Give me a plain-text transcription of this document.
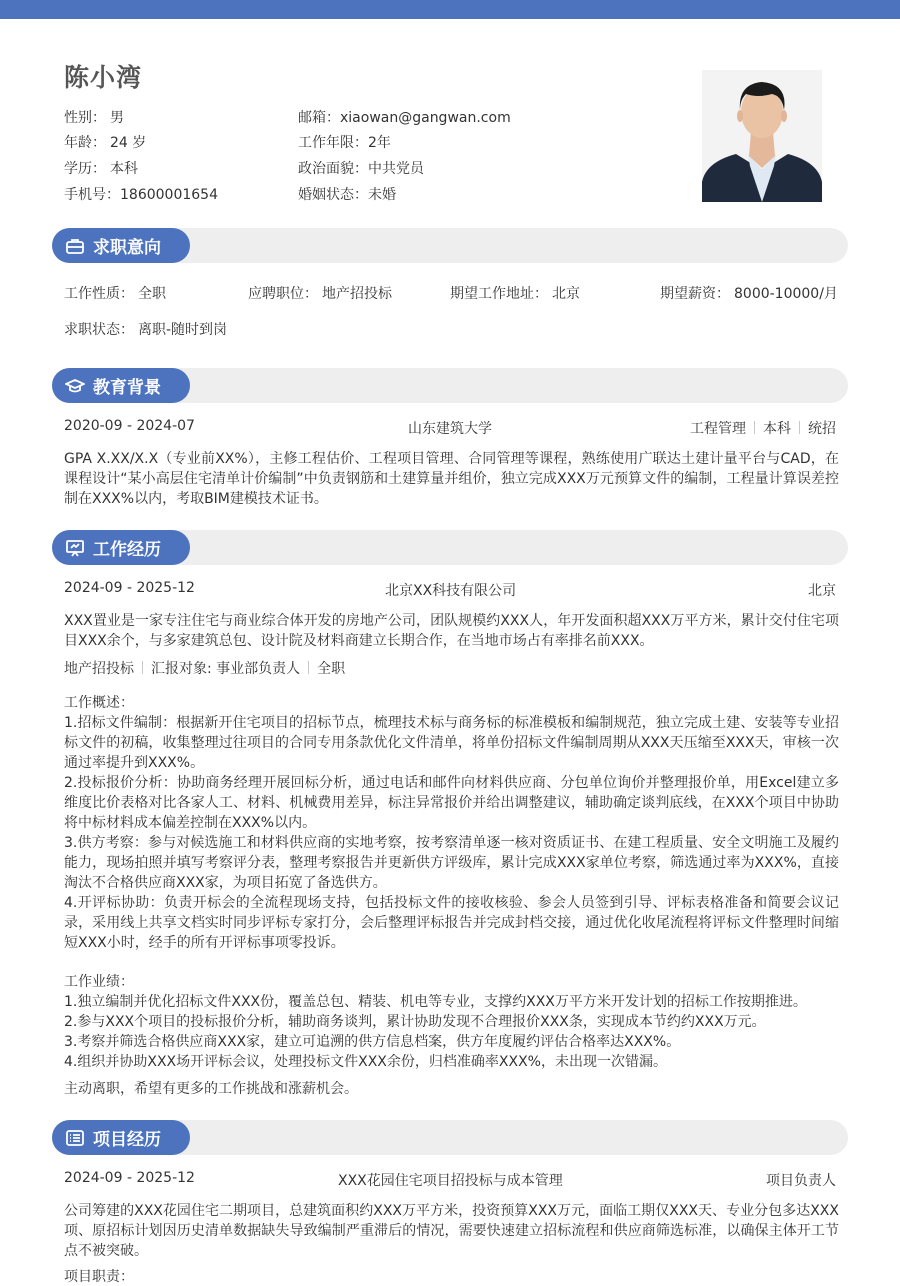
陈小湾
性别： 男	邮箱：xiaowan@gangwan.com
年龄： 24 岁	工作年限：2年
学历： 本科	政治面貌：中共党员
手机号：18600001654	婚姻状态：未婚
求职意向
工作性质： 全职	应聘职位： 地产招投标	期望工作地址： 北京	期望薪资： 8000-10000/月
求职状态： 离职-随时到岗
教育背景
2020-09 - 2024-07	山东建筑大学	工程管理 本科 统招
GPA X.XX/X.X（专业前XX%），主修工程估价、工程项目管理、合同管理等课程，熟练使用广联达土建计量平台与CAD，在课程设计“某小高层住宅清单计价编制”中负责钢筋和土建算量并组价，独立完成XXX万元预算文件的编制，工程量计算误差控制在XXX%以内，考取BIM建模技术证书。
工作经历
2024-09 - 2025-12	北京XX科技有限公司	北京
XXX置业是一家专注住宅与商业综合体开发的房地产公司，团队规模约XXX人，年开发面积超XXX万平方米，累计交付住宅项目XXX余个，与多家建筑总包、设计院及材料商建立长期合作，在当地市场占有率排名前XXX。
地产招投标 汇报对象: 事业部负责人 全职
工作概述：
1.招标文件编制：根据新开住宅项目的招标节点，梳理技术标与商务标的标准模板和编制规范，独立完成土建、安装等专业招标文件的初稿，收集整理过往项目的合同专用条款优化文件清单，将单份招标文件编制周期从XXX天压缩至XXX天，审核一次通过率提升到XXX%。
2.投标报价分析：协助商务经理开展回标分析，通过电话和邮件向材料供应商、分包单位询价并整理报价单，用Excel建立多维度比价表格对比各家人工、材料、机械费用差异，标注异常报价并给出调整建议，辅助确定谈判底线，在XXX个项目中协助将中标材料成本偏差控制在XXX%以内。
3.供方考察：参与对候选施工和材料供应商的实地考察，按考察清单逐一核对资质证书、在建工程质量、安全文明施工及履约能力，现场拍照并填写考察评分表，整理考察报告并更新供方评级库，累计完成XXX家单位考察，筛选通过率为XXX%，直接淘汰不合格供应商XXX家，为项目拓宽了备选供方。
4.开评标协助：负责开标会的全流程现场支持，包括投标文件的接收核验、参会人员签到引导、评标表格准备和简要会议记录，采用线上共享文档实时同步评标专家打分，会后整理评标报告并完成封档交接，通过优化收尾流程将评标文件整理时间缩短XXX小时，经手的所有开评标事项零投诉。
工作业绩：
1.独立编制并优化招标文件XXX份，覆盖总包、精装、机电等专业，支撑约XXX万平方米开发计划的招标工作按期推进。
2.参与XXX个项目的投标报价分析，辅助商务谈判，累计协助发现不合理报价XXX条，实现成本节约约XXX万元。
3.考察并筛选合格供应商XXX家，建立可追溯的供方信息档案，供方年度履约评估合格率达XXX%。
4.组织并协助XXX场开评标会议，处理投标文件XXX余份，归档准确率XXX%，未出现一次错漏。
主动离职，希望有更多的工作挑战和涨薪机会。
项目经历
2024-09 - 2025-12	XXX花园住宅项目招投标与成本管理	项目负责人
公司筹建的XXX花园住宅二期项目，总建筑面积约XXX万平方米，投资预算XXX万元，面临工期仅XXX天、专业分包多达XXX项、原招标计划因历史清单数据缺失导致编制严重滞后的情况，需要快速建立招标流程和供应商筛选标准，以确保主体开工节点不被突破。
项目职责：
